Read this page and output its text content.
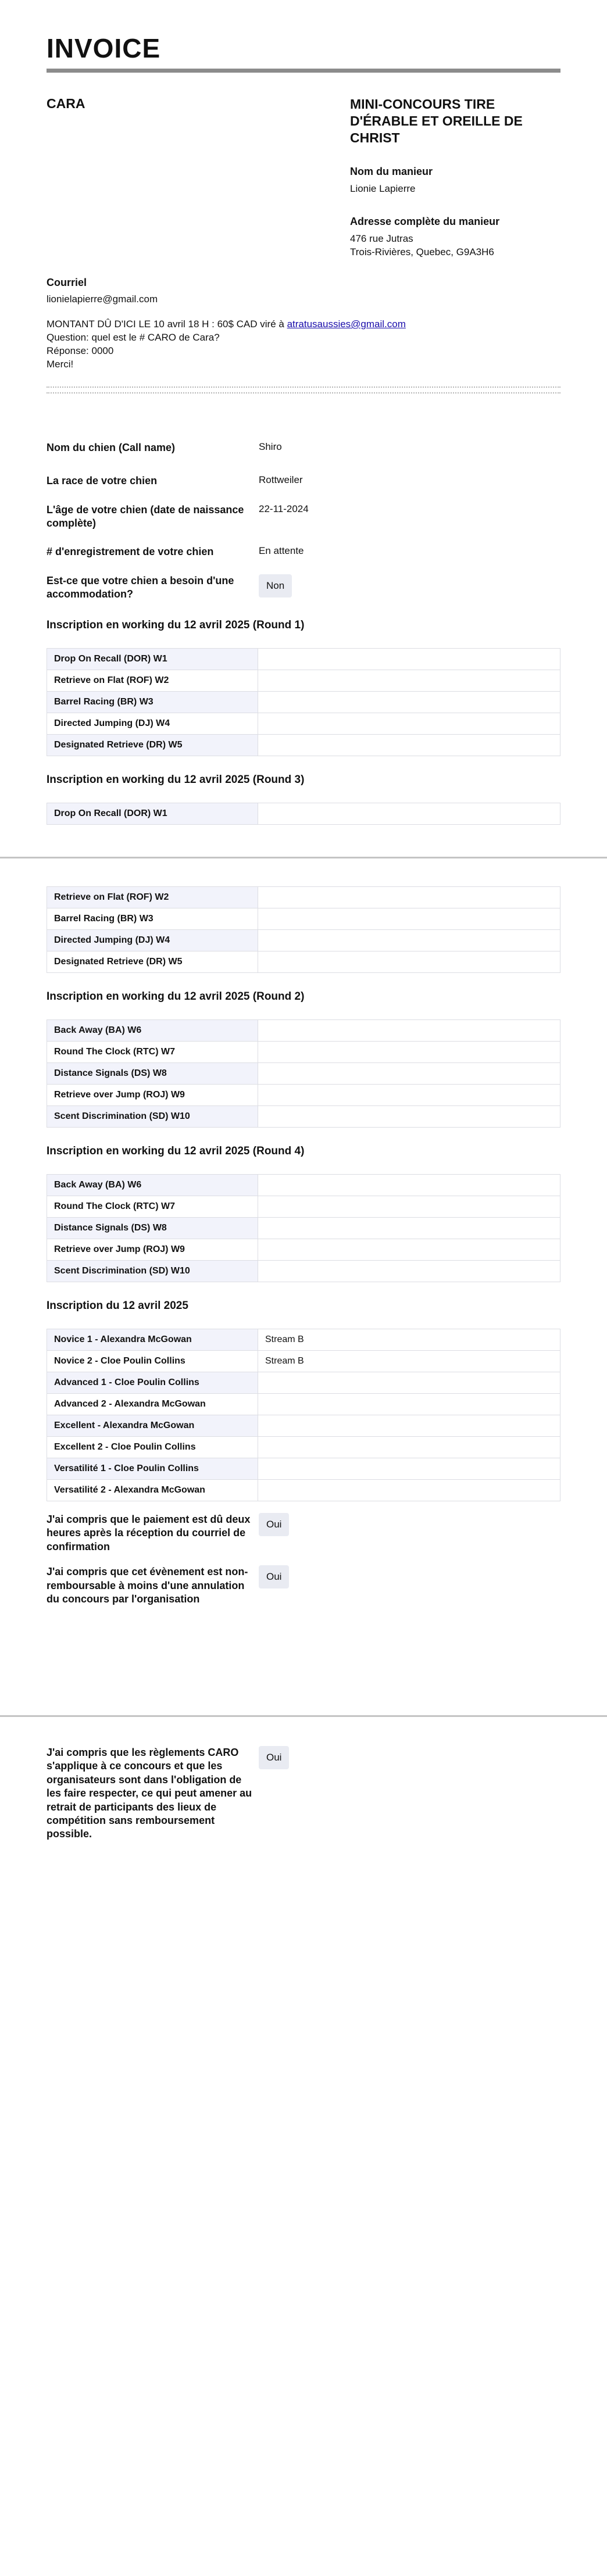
INVOICE
CARA	MINI-CONCOURS TIRE D'ÉRABLE ET OREILLE DE CHRIST
Nom du manieur
Lionie Lapierre
Adresse complète du manieur
476 rue Jutras
Trois-Rivières, Quebec, G9A3H6
Courriel
lionielapierre@gmail.com
MONTANT DÛ D'ICI LE 10 avril 18 H : 60$ CAD viré à atratusaussies@gmail.com
Question: quel est le # CARO de Cara?
Réponse: 0000
Merci!
Nom du chien (Call name)	Shiro
La race de votre chien	Rottweiler
L'âge de votre chien (date de naissance complète)
22-11-2024
# d'enregistrement de votre chien	En attente
Est-ce que votre chien a besoin d'une accommodation?
Non
Inscription en working du 12 avril 2025 (Round 1)
Drop On Recall (DOR) W1	
Retrieve on Flat (ROF) W2	
Barrel Racing (BR) W3	
Directed Jumping (DJ) W4	
Designated Retrieve (DR) W5	
Inscription en working du 12 avril 2025 (Round 3)
Drop On Recall (DOR) W1	
Retrieve on Flat (ROF) W2	
Barrel Racing (BR) W3	
Directed Jumping (DJ) W4	
Designated Retrieve (DR) W5	
Inscription en working du 12 avril 2025 (Round 2)
Back Away (BA) W6	
Round The Clock (RTC) W7	
Distance Signals (DS) W8	
Retrieve over Jump (ROJ) W9	
Scent Discrimination (SD) W10	
Inscription en working du 12 avril 2025 (Round 4)
Back Away (BA) W6	
Round The Clock (RTC) W7	
Distance Signals (DS) W8	
Retrieve over Jump (ROJ) W9	
Scent Discrimination (SD) W10	
Inscription du 12 avril 2025
Novice 1 - Alexandra McGowan	Stream B
Novice 2 - Cloe Poulin Collins	Stream B
Advanced 1 - Cloe Poulin Collins	
Advanced 2 - Alexandra McGowan	
Excellent - Alexandra McGowan	
Excellent 2 - Cloe Poulin Collins	
Versatilité 1 - Cloe Poulin Collins	
Versatilité 2 - Alexandra McGowan	
J'ai compris que le paiement est dû deux heures après la réception du courriel de confirmation
Oui
J'ai compris que cet évènement est non-remboursable à moins d'une annulation du concours par l'organisation
Oui
J'ai compris que les règlements CARO s'applique à ce concours et que les organisateurs sont dans l'obligation de les faire respecter, ce qui peut amener au retrait de participants des lieux de compétition sans remboursement possible.
Oui
